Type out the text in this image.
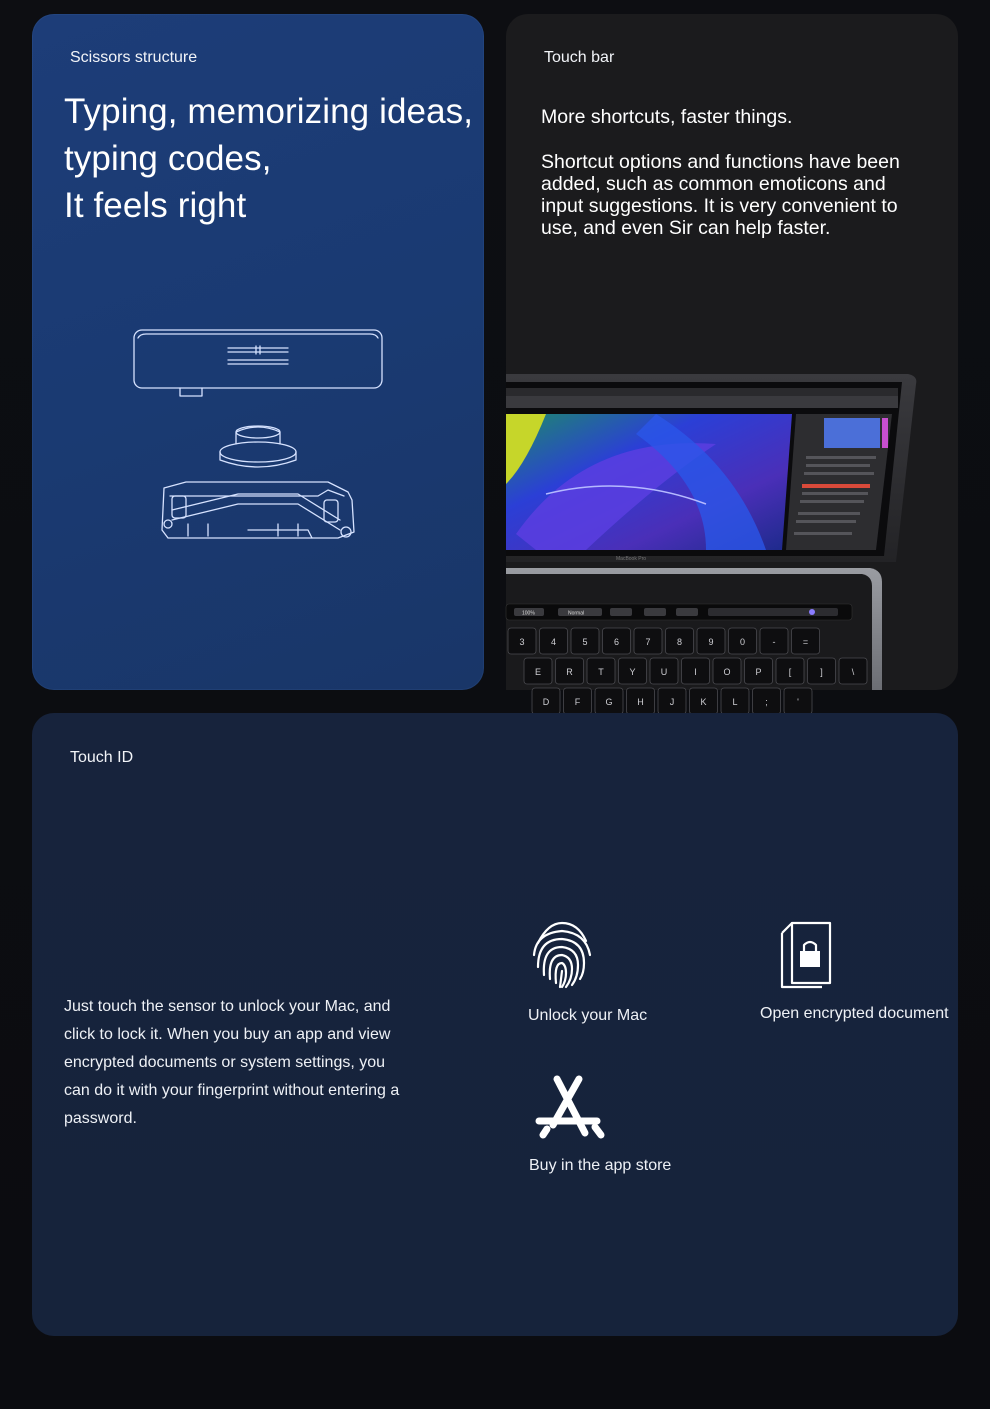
Scissors structure
Typing, memorizing ideas,
typing codes,
It feels right
Touch bar
More shortcuts, faster things.
Shortcut options and functions have been added, such as common emoticons and input suggestions. It is very convenient to use, and even Sir can help faster.
MacBook Pro
100%	Normal
3	4	5	6	7	8	9	0	-	=
E	R	T	Y	U	I	O	P	[	]	\
D	F	G	H	J	K	L	;	'
Touch ID
Just touch the sensor to unlock your Mac, and click to lock it. When you buy an app and view encrypted documents or system settings, you can do it with your fingerprint without entering a password.
Unlock your Mac	Open encrypted document
Buy in the app store
